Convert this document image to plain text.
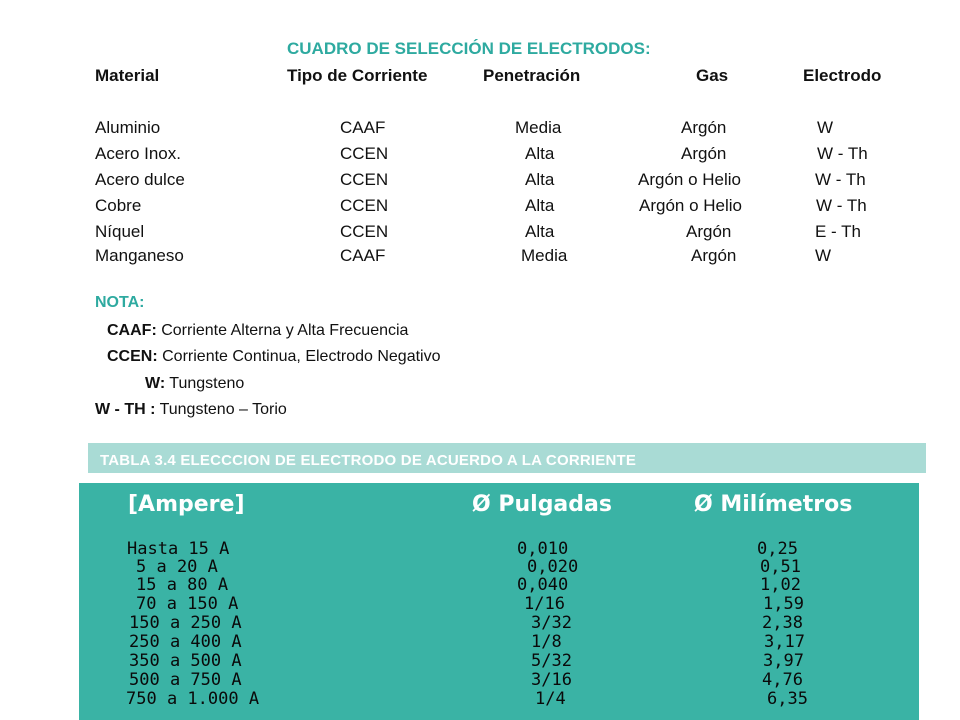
CUADRO DE SELECCIÓN DE ELECTRODOS:
Material	Tipo de Corriente	Penetración	Gas	Electrodo
Aluminio	CAAF	Media	Argón	W
Acero Inox.	CCEN	Alta	Argón	W - Th
Acero dulce	CCEN	Alta	Argón o Helio	W - Th
Cobre	CCEN	Alta	Argón o Helio	W - Th
Níquel	CCEN	Alta	Argón	E - Th
Manganeso	CAAF	Media	Argón	W
NOTA:
CAAF: Corriente Alterna y Alta Frecuencia
CCEN: Corriente Continua, Electrodo Negativo
W: Tungsteno
W - TH : Tungsteno – Torio
TABLA 3.4 ELECCCION DE ELECTRODO DE ACUERDO A LA CORRIENTE
[Ampere]	Ø Pulgadas	Ø Milímetros
Hasta 15 A	0,010	0,25
5 a 20 A	0,020	0,51
15 a 80 A	0,040	1,02
70 a 150 A	1/16	1,59
150 a 250 A	3/32	2,38
250 a 400 A	1/8	3,17
350 a 500 A	5/32	3,97
500 a 750 A	3/16	4,76
750 a 1.000 A	1/4	6,35
